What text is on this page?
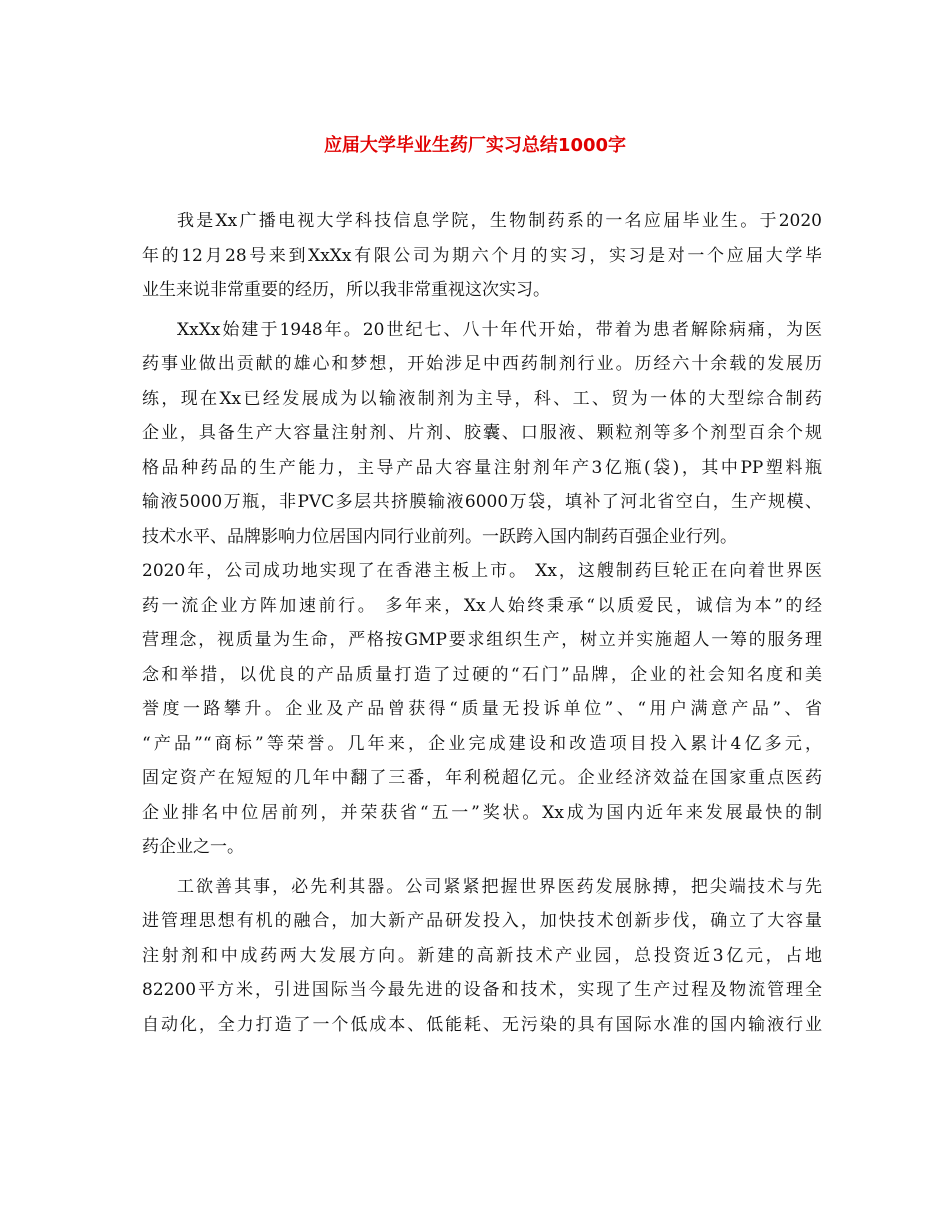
应届大学毕业生药厂实习总结1000字
我是Xx广播电视大学科技信息学院，生物制药系的一名应届毕业生。于2020
年的12月28号来到XxXx有限公司为期六个月的实习，实习是对一个应届大学毕
业生来说非常重要的经历，所以我非常重视这次实习。
XxXx始建于1948年。20世纪七、八十年代开始，带着为患者解除病痛，为医
药事业做出贡献的雄心和梦想，开始涉足中西药制剂行业。历经六十余载的发展历
练，现在Xx已经发展成为以输液制剂为主导，科、工、贸为一体的大型综合制药
企业，具备生产大容量注射剂、片剂、胶囊、口服液、颗粒剂等多个剂型百余个规
格品种药品的生产能力，主导产品大容量注射剂年产3亿瓶(袋)，其中PP塑料瓶
输液5000万瓶，非PVC多层共挤膜输液6000万袋，填补了河北省空白，生产规模、
技术水平、品牌影响力位居国内同行业前列。一跃跨入国内制药百强企业行列。
2020年，公司成功地实现了在香港主板上市。 Xx，这艘制药巨轮正在向着世界医
药一流企业方阵加速前行。 多年来，Xx人始终秉承“以质爱民，诚信为本”的经
营理念，视质量为生命，严格按GMP要求组织生产，树立并实施超人一筹的服务理
念和举措，以优良的产品质量打造了过硬的“石门”品牌，企业的社会知名度和美
誉度一路攀升。企业及产品曾获得“质量无投诉单位”、“用户满意产品”、省
“产品”“商标”等荣誉。几年来，企业完成建设和改造项目投入累计4亿多元，
固定资产在短短的几年中翻了三番，年利税超亿元。企业经济效益在国家重点医药
企业排名中位居前列，并荣获省“五一”奖状。Xx成为国内近年来发展最快的制
药企业之一。
工欲善其事，必先利其器。公司紧紧把握世界医药发展脉搏，把尖端技术与先
进管理思想有机的融合，加大新产品研发投入，加快技术创新步伐，确立了大容量
注射剂和中成药两大发展方向。新建的高新技术产业园，总投资近3亿元，占地
82200平方米，引进国际当今最先进的设备和技术，实现了生产过程及物流管理全
自动化，全力打造了一个低成本、低能耗、无污染的具有国际水准的国内输液行业
